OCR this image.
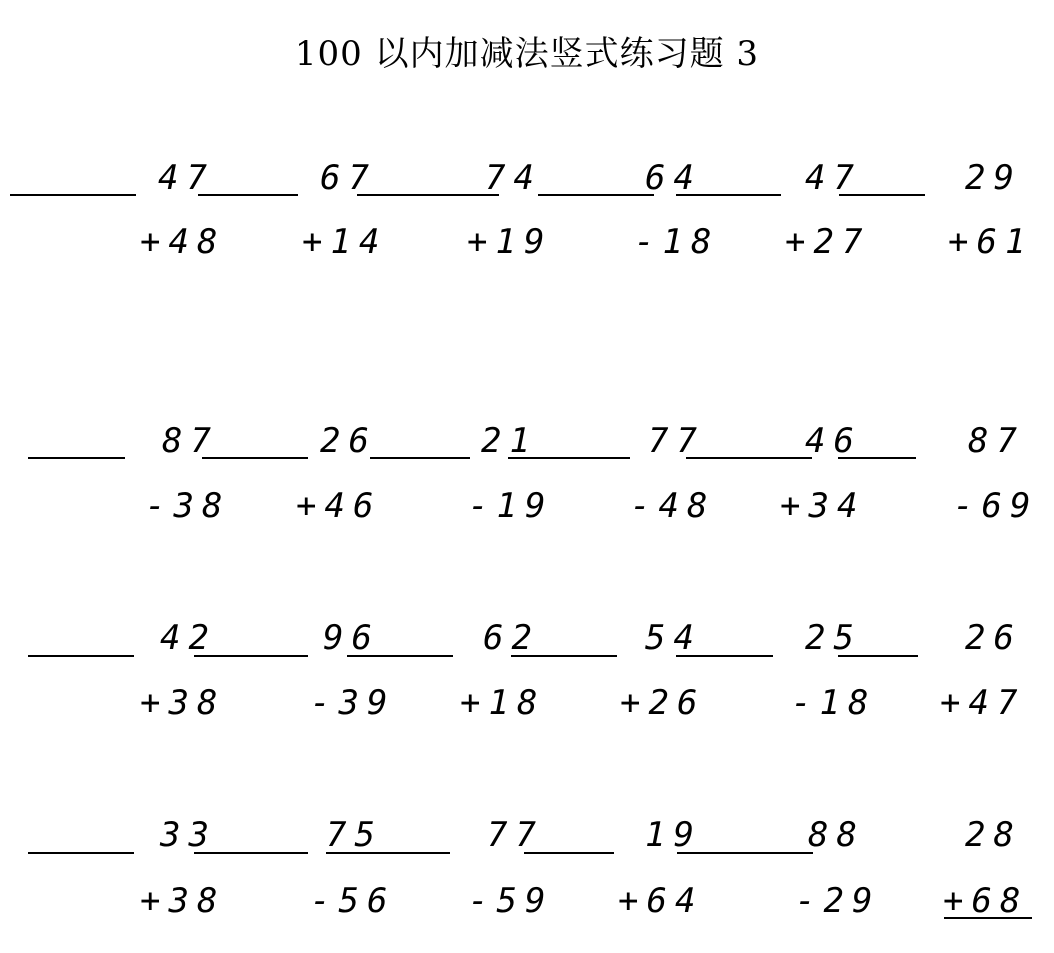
100 以内加减法竖式练习题 3
47	67	74	64	47	29
+48 +14 +19 -18 +27 +61
87	26	21	77	46	87
-38 +46	-19 -48 +34	-69
42	96	62	54	25	26
+38 -39 +18 +26	-18 +47
33	75	77	19	88	28
+38 -56 -59 +64	-29 +68
